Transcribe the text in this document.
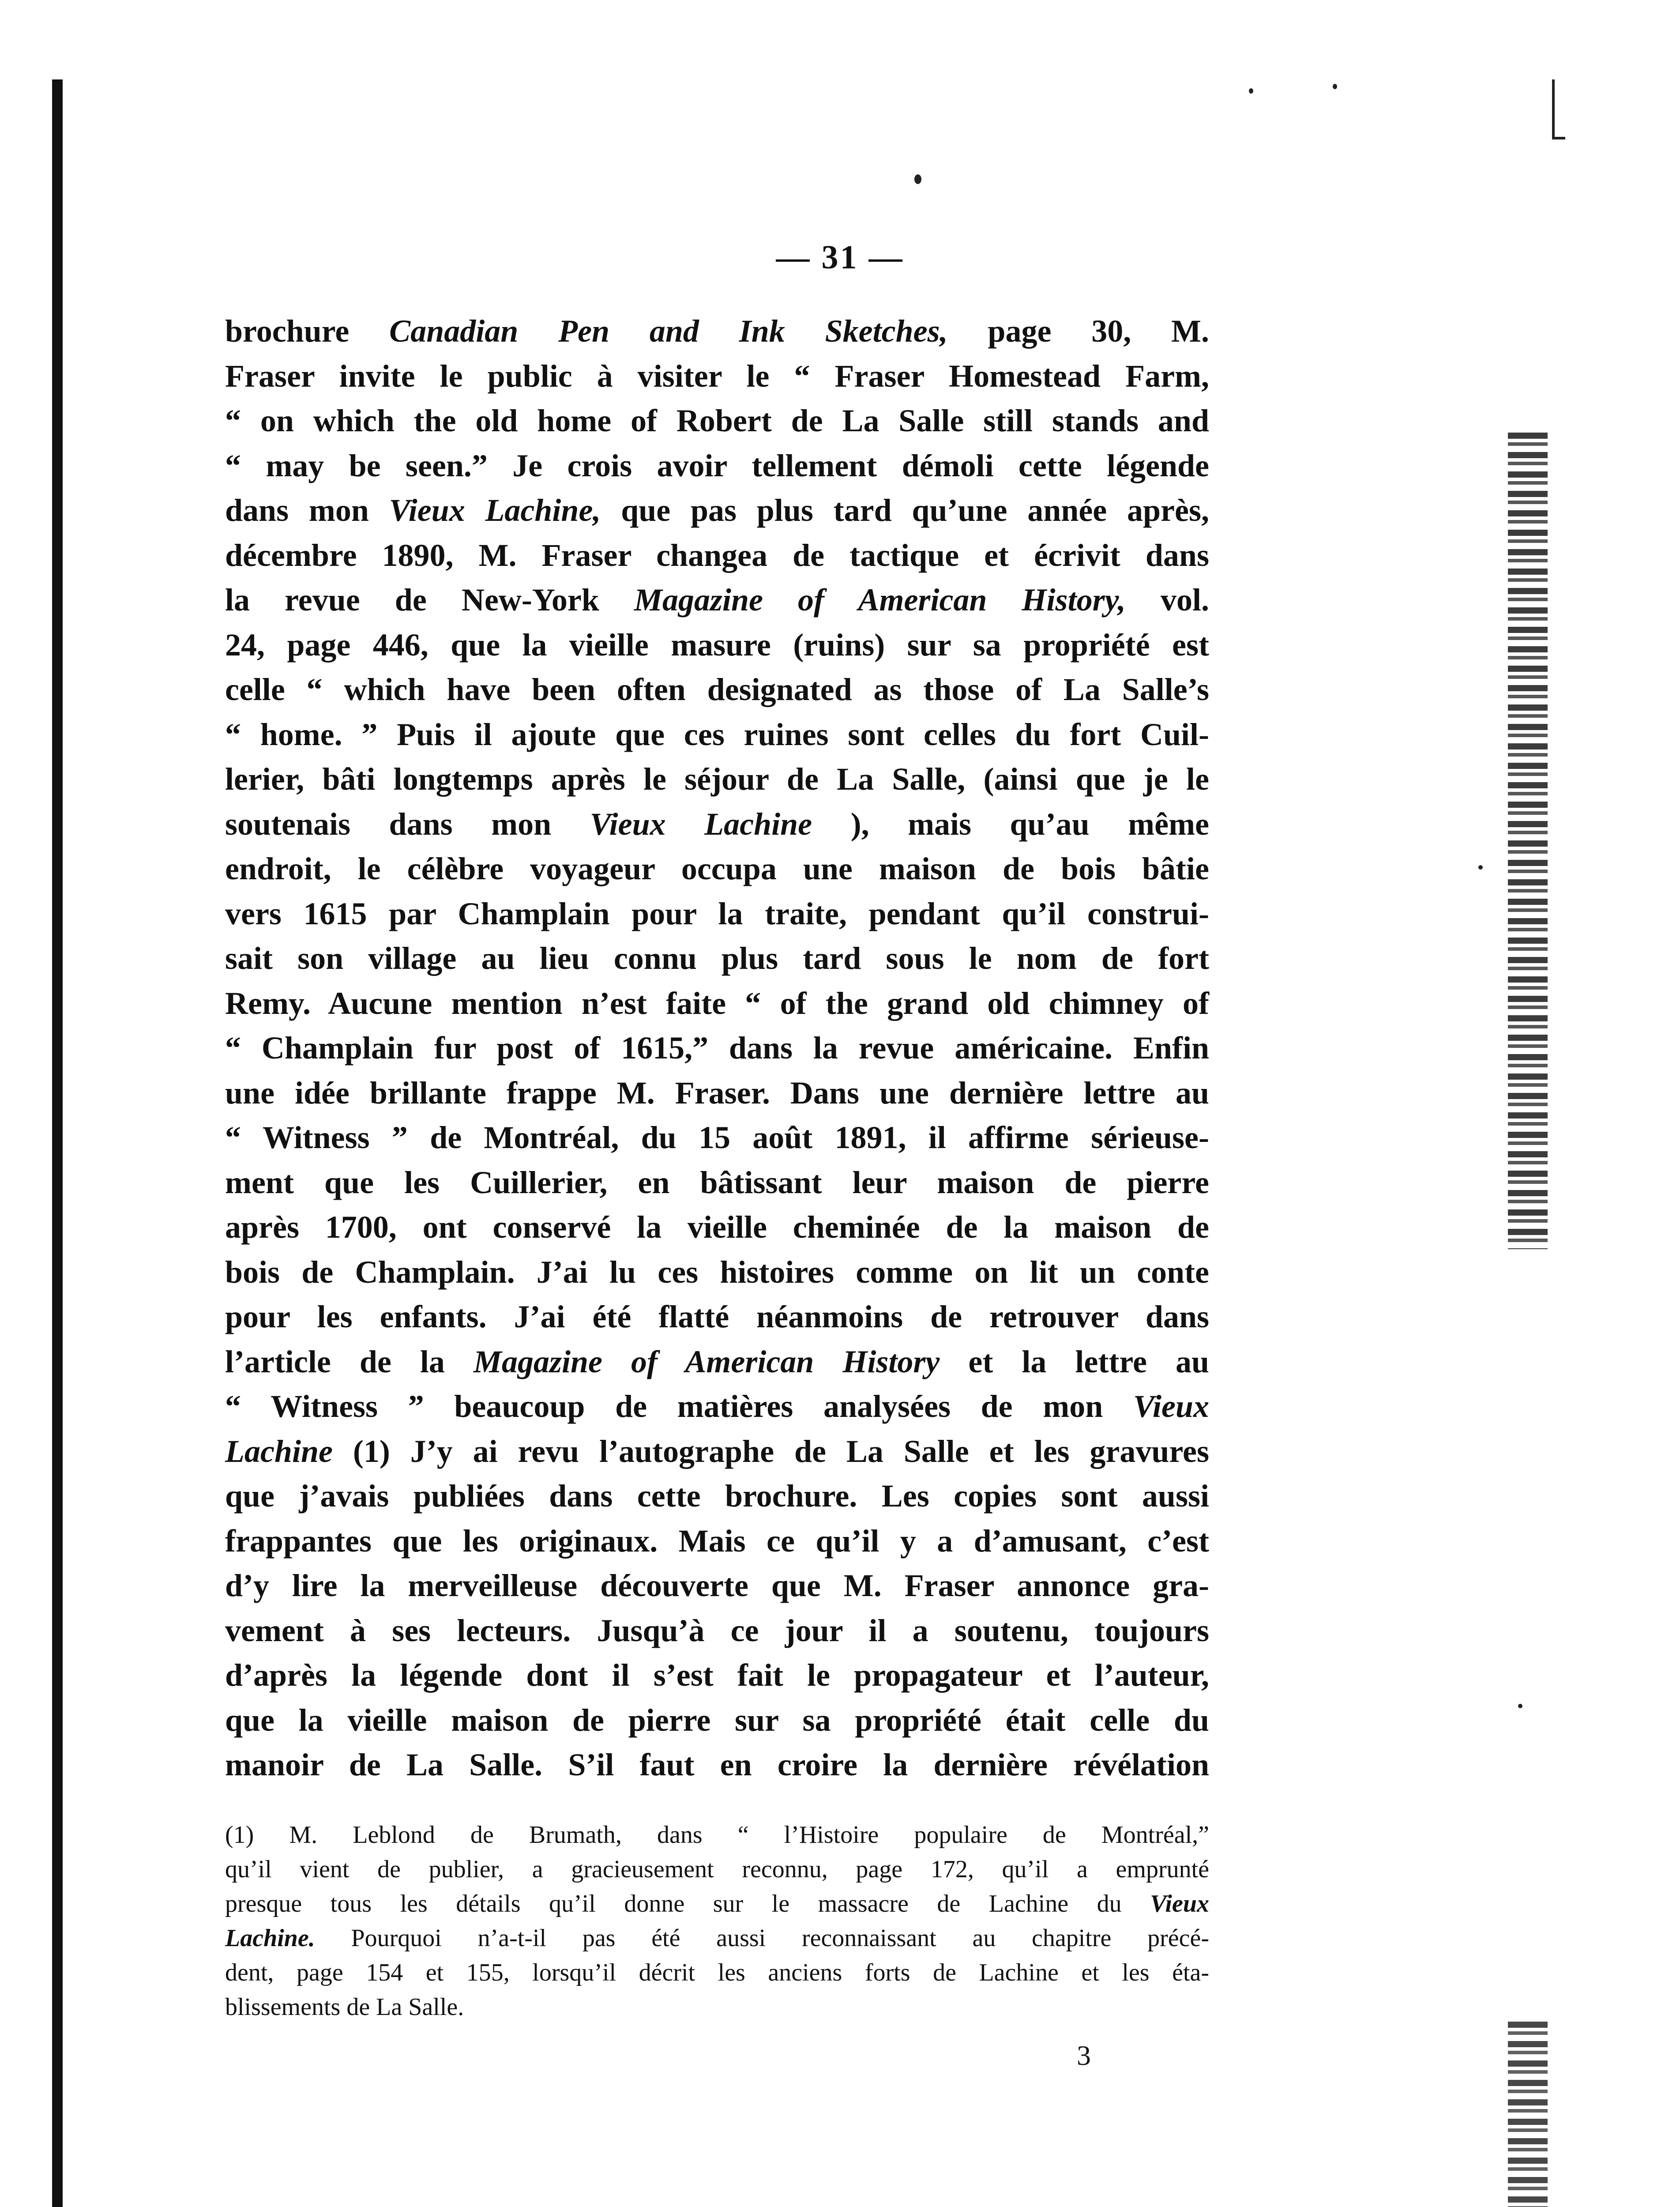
— 31 —
brochure Canadian Pen and Ink Sketches, page 30, M.
Fraser invite le public à visiter le “ Fraser Homestead Farm,
“ on which the old home of Robert de La Salle still stands and
“ may be seen.” Je crois avoir tellement démoli cette légende
dans mon Vieux Lachine, que pas plus tard qu’une année après,
décembre 1890, M. Fraser changea de tactique et écrivit dans
la revue de New-York Magazine of American History, vol.
24, page 446, que la vieille masure (ruins) sur sa propriété est
celle “ which have been often designated as those of La Salle’s
“ home. ” Puis il ajoute que ces ruines sont celles du fort Cuil-
lerier, bâti longtemps après le séjour de La Salle, (ainsi que je le
soutenais dans mon Vieux Lachine ), mais qu’au même
endroit, le célèbre voyageur occupa une maison de bois bâtie
vers 1615 par Champlain pour la traite, pendant qu’il construi-
sait son village au lieu connu plus tard sous le nom de fort
Remy. Aucune mention n’est faite “ of the grand old chimney of
“ Champlain fur post of 1615,” dans la revue américaine. Enfin
une idée brillante frappe M. Fraser. Dans une dernière lettre au
“ Witness ” de Montréal, du 15 août 1891, il affirme sérieuse-
ment que les Cuillerier, en bâtissant leur maison de pierre
après 1700, ont conservé la vieille cheminée de la maison de
bois de Champlain. J’ai lu ces histoires comme on lit un conte
pour les enfants. J’ai été flatté néanmoins de retrouver dans
l’article de la Magazine of American History et la lettre au
“ Witness ” beaucoup de matières analysées de mon Vieux
Lachine (1) J’y ai revu l’autographe de La Salle et les gravures
que j’avais publiées dans cette brochure. Les copies sont aussi
frappantes que les originaux. Mais ce qu’il y a d’amusant, c’est
d’y lire la merveilleuse découverte que M. Fraser annonce gra-
vement à ses lecteurs. Jusqu’à ce jour il a soutenu, toujours
d’après la légende dont il s’est fait le propagateur et l’auteur,
que la vieille maison de pierre sur sa propriété était celle du
manoir de La Salle. S’il faut en croire la dernière révélation
(1) M. Leblond de Brumath, dans “ l’Histoire populaire de Montréal,”
qu’il vient de publier, a gracieusement reconnu, page 172, qu’il a emprunté
presque tous les détails qu’il donne sur le massacre de Lachine du Vieux
Lachine. Pourquoi n’a-t-il pas été aussi reconnaissant au chapitre précé-
dent, page 154 et 155, lorsqu’il décrit les anciens forts de Lachine et les éta-
blissements de La Salle.

3
